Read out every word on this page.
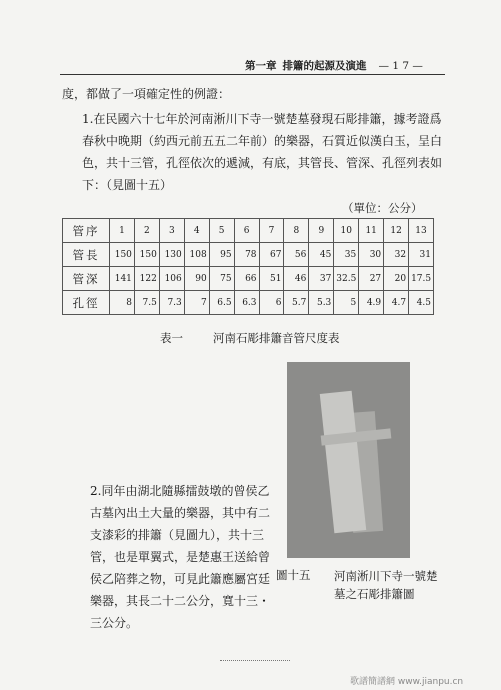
第一章 排簫的起源及演進 — 1 7 —

度，都做了一項確定性的例證：

1.在民國六十七年於河南淅川下寺一號楚墓發現石彫排簫，據考證爲春秋中晚期（約西元前五五二年前）的樂器，石質近似漢白玉，呈白色，共十三管，孔徑依次的遞減，有底，其管長、管深、孔徑列表如下：（見圖十五）

（單位：公分）
管序	1	2	3	4	5	6	7	8	9	10	11	12	13
管長	150	150	130	108	95	78	67	56	45	35	30	32	31
管深	141	122	106	90	75	66	51	46	37	32.5	27	20	17.5
孔徑	8	7.5	7.3	7	6.5	6.3	6	5.7	5.3	5	4.9	4.7	4.5
表一	河南石彫排簫音管尺度表

2.同年由湖北隨縣擂鼓墩的曾侯乙古墓內出土大量的樂器，其中有二支漆彩的排簫（見圖九），共十三管，也是單翼式，是楚惠王送給曾侯乙陪葬之物，可見此簫應屬宮廷樂器，其長二十二公分，寬十三・三公分。

圖十五 河南淅川下寺一號楚墓之石彫排簫圖

歌譜簡譜網 www.jianpu.cn
